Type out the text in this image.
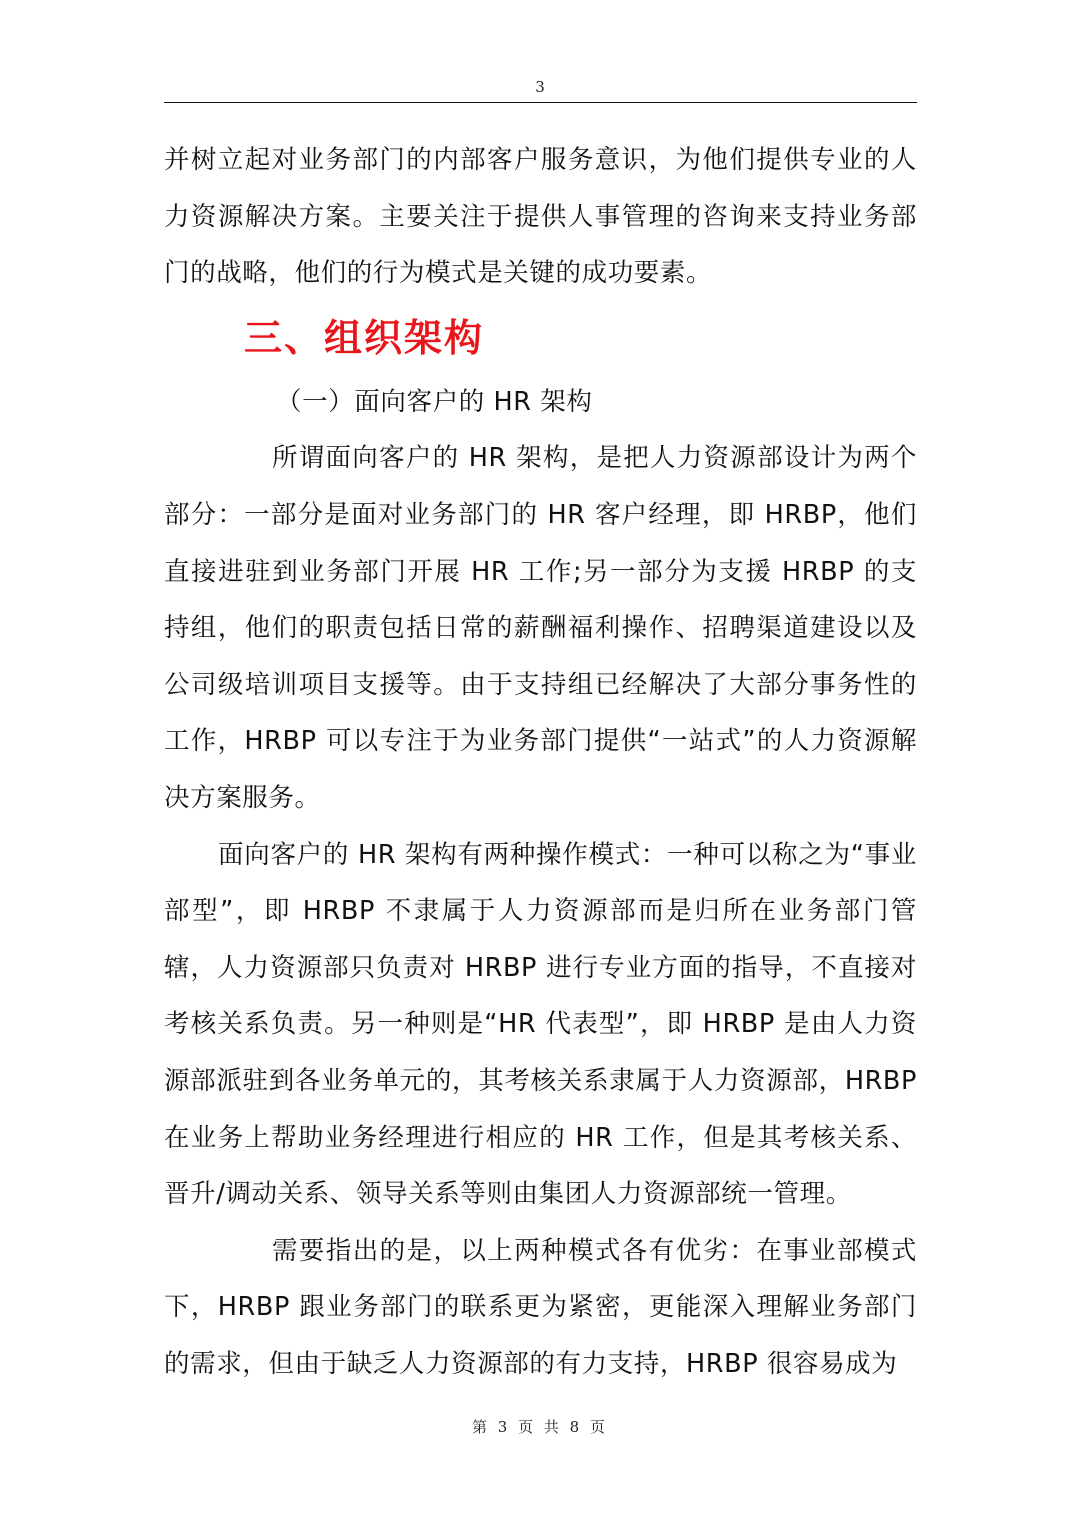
3

并树立起对业务部门的内部客户服务意识，为他们提供专业的人力资源解决方案。主要关注于提供人事管理的咨询来支持业务部门的战略，他们的行为模式是关键的成功要素。

三、组织架构

（一）面向客户的 HR 架构

所谓面向客户的 HR 架构，是把人力资源部设计为两个部分：一部分是面对业务部门的 HR 客户经理，即 HRBP，他们直接进驻到业务部门开展 HR 工作;另一部分为支援 HRBP 的支持组，他们的职责包括日常的薪酬福利操作、招聘渠道建设以及公司级培训项目支援等。由于支持组已经解决了大部分事务性的工作，HRBP 可以专注于为业务部门提供“一站式”的人力资源解决方案服务。

面向客户的 HR 架构有两种操作模式：一种可以称之为“事业部型”，即 HRBP 不隶属于人力资源部而是归所在业务部门管辖，人力资源部只负责对 HRBP 进行专业方面的指导，不直接对考核关系负责。另一种则是“HR 代表型”，即 HRBP 是由人力资源部派驻到各业务单元的，其考核关系隶属于人力资源部，HRBP 在业务上帮助业务经理进行相应的 HR 工作，但是其考核关系、晋升/调动关系、领导关系等则由集团人力资源部统一管理。

需要指出的是，以上两种模式各有优劣：在事业部模式下，HRBP 跟业务部门的联系更为紧密，更能深入理解业务部门的需求，但由于缺乏人力资源部的有力支持，HRBP 很容易成为

第 3 页 共 8 页
